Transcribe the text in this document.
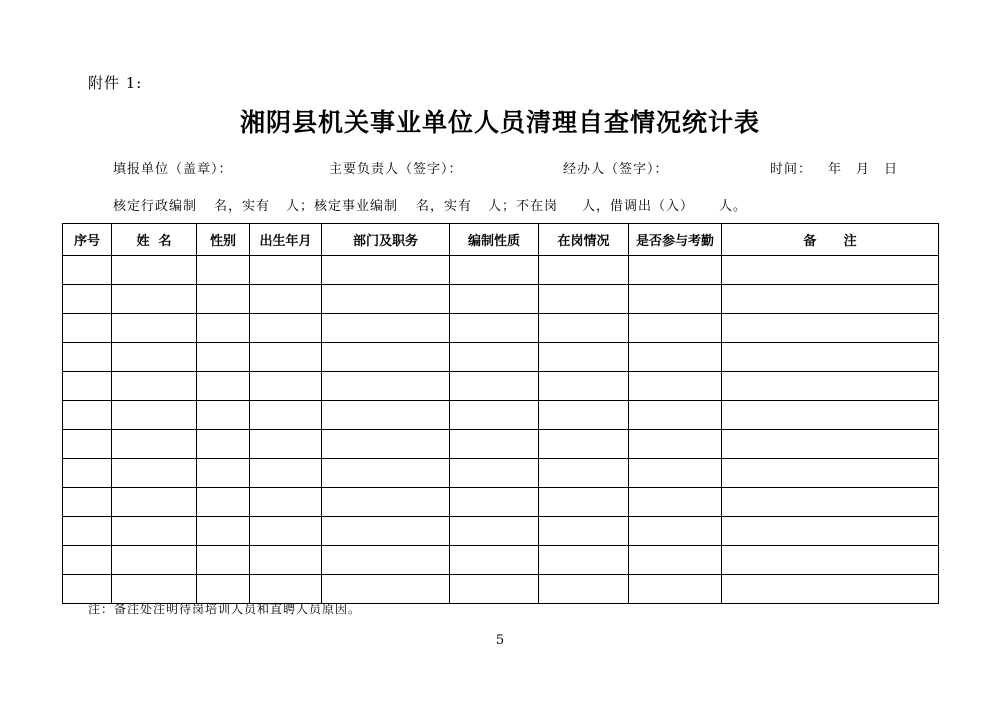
附件 1:
湘阴县机关事业单位人员清理自查情况统计表
填报单位（盖章）：	主要负责人（签字）：	经办人（签字）：	时间： 年 月 日
核定行政编制 名，实有 人；核定事业编制 名，实有 人；不在岗 人，借调出（入） 人。
序号	姓  名	性别	出生年月	部门及职务	编制性质	在岗情况	是否参与考勤	备      注

注：备注处注明待岗培训人员和直聘人员原因。
5
